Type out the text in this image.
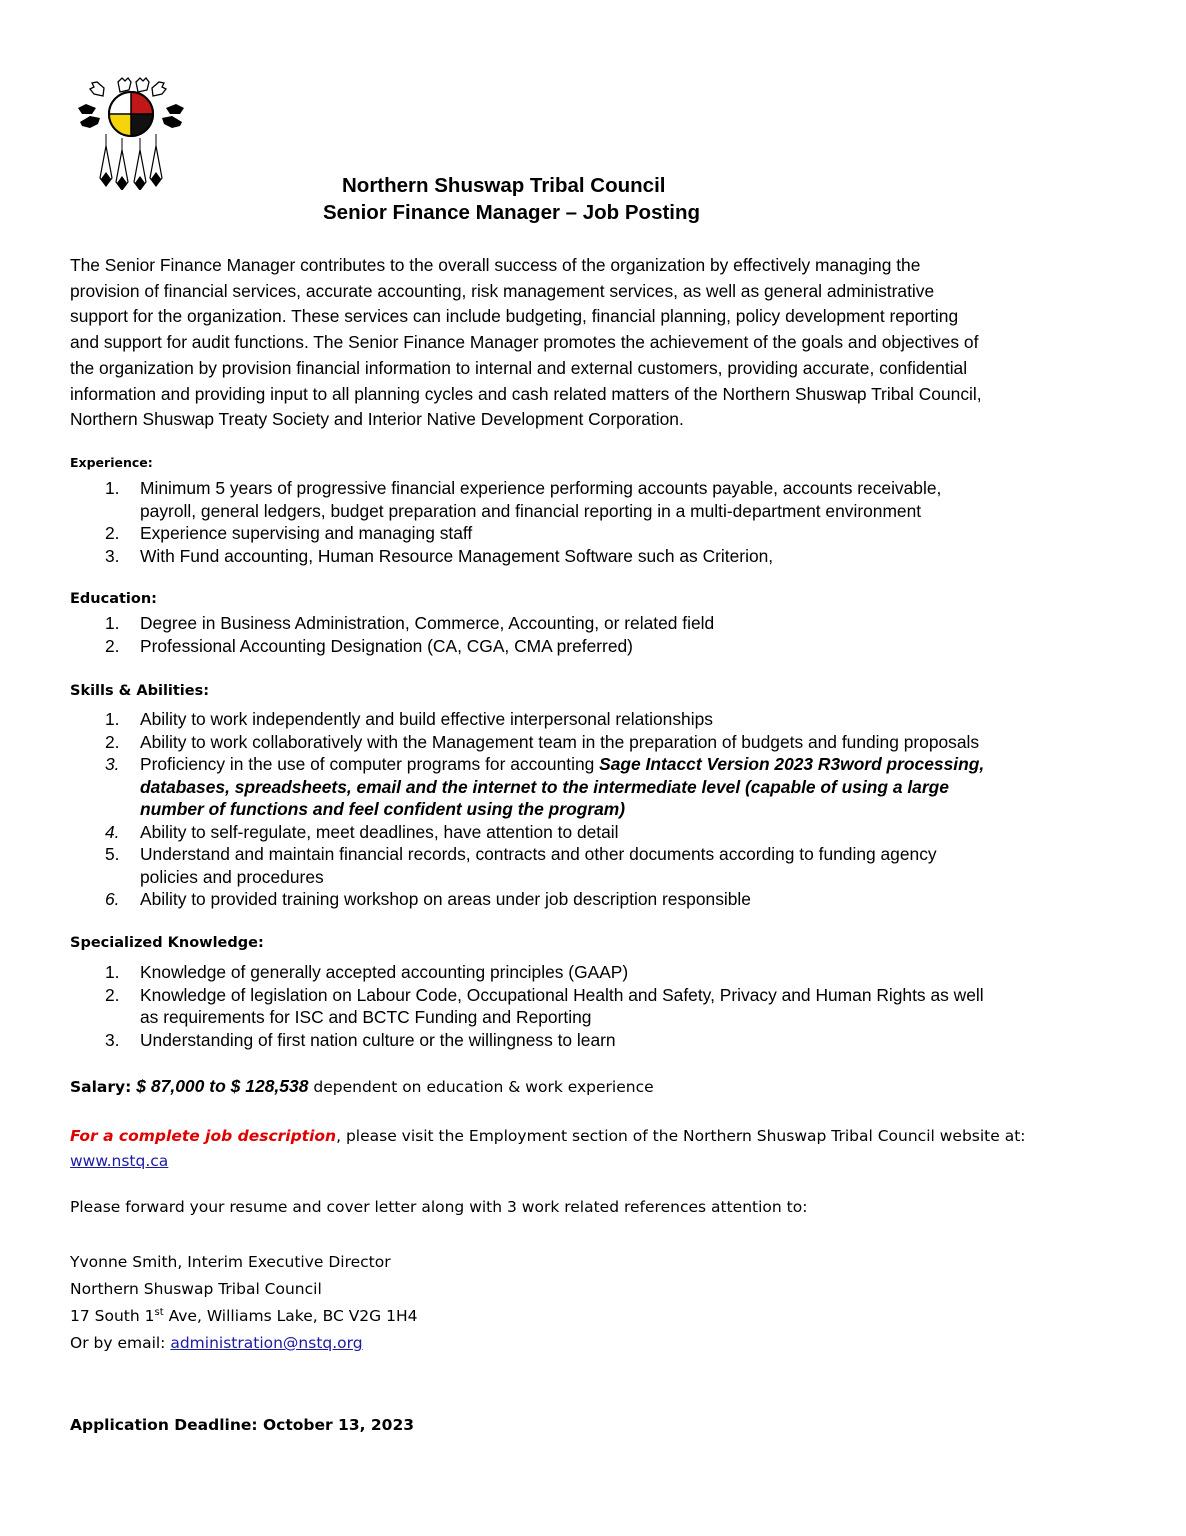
Northern Shuswap Tribal Council
Senior Finance Manager – Job Posting
The Senior Finance Manager contributes to the overall success of the organization by effectively managing the
provision of financial services, accurate accounting, risk management services, as well as general administrative
support for the organization. These services can include budgeting, financial planning, policy development reporting
and support for audit functions. The Senior Finance Manager promotes the achievement of the goals and objectives of
the organization by provision financial information to internal and external customers, providing accurate, confidential
information and providing input to all planning cycles and cash related matters of the Northern Shuswap Tribal Council,
Northern Shuswap Treaty Society and Interior Native Development Corporation.
Experience:
1. Minimum 5 years of progressive financial experience performing accounts payable, accounts receivable,
payroll, general ledgers, budget preparation and financial reporting in a multi-department environment
2. Experience supervising and managing staff
3. With Fund accounting, Human Resource Management Software such as Criterion,
Education:
1. Degree in Business Administration, Commerce, Accounting, or related field
2. Professional Accounting Designation (CA, CGA, CMA preferred)
Skills & Abilities:
1. Ability to work independently and build effective interpersonal relationships
2. Ability to work collaboratively with the Management team in the preparation of budgets and funding proposals
3. Proficiency in the use of computer programs for accounting Sage Intacct Version 2023 R3word processing,
databases, spreadsheets, email and the internet to the intermediate level (capable of using a large
number of functions and feel confident using the program)
4. Ability to self-regulate, meet deadlines, have attention to detail
5. Understand and maintain financial records, contracts and other documents according to funding agency
policies and procedures
6. Ability to provided training workshop on areas under job description responsible
Specialized Knowledge:
1. Knowledge of generally accepted accounting principles (GAAP)
2. Knowledge of legislation on Labour Code, Occupational Health and Safety, Privacy and Human Rights as well
as requirements for ISC and BCTC Funding and Reporting
3. Understanding of first nation culture or the willingness to learn
Salary: $ 87,000 to $ 128,538 dependent on education & work experience
For a complete job description, please visit the Employment section of the Northern Shuswap Tribal Council website at:
www.nstq.ca
Please forward your resume and cover letter along with 3 work related references attention to:
Yvonne Smith, Interim Executive Director
Northern Shuswap Tribal Council
17 South 1st Ave, Williams Lake, BC V2G 1H4
Or by email: administration@nstq.org
Application Deadline: October 13, 2023
